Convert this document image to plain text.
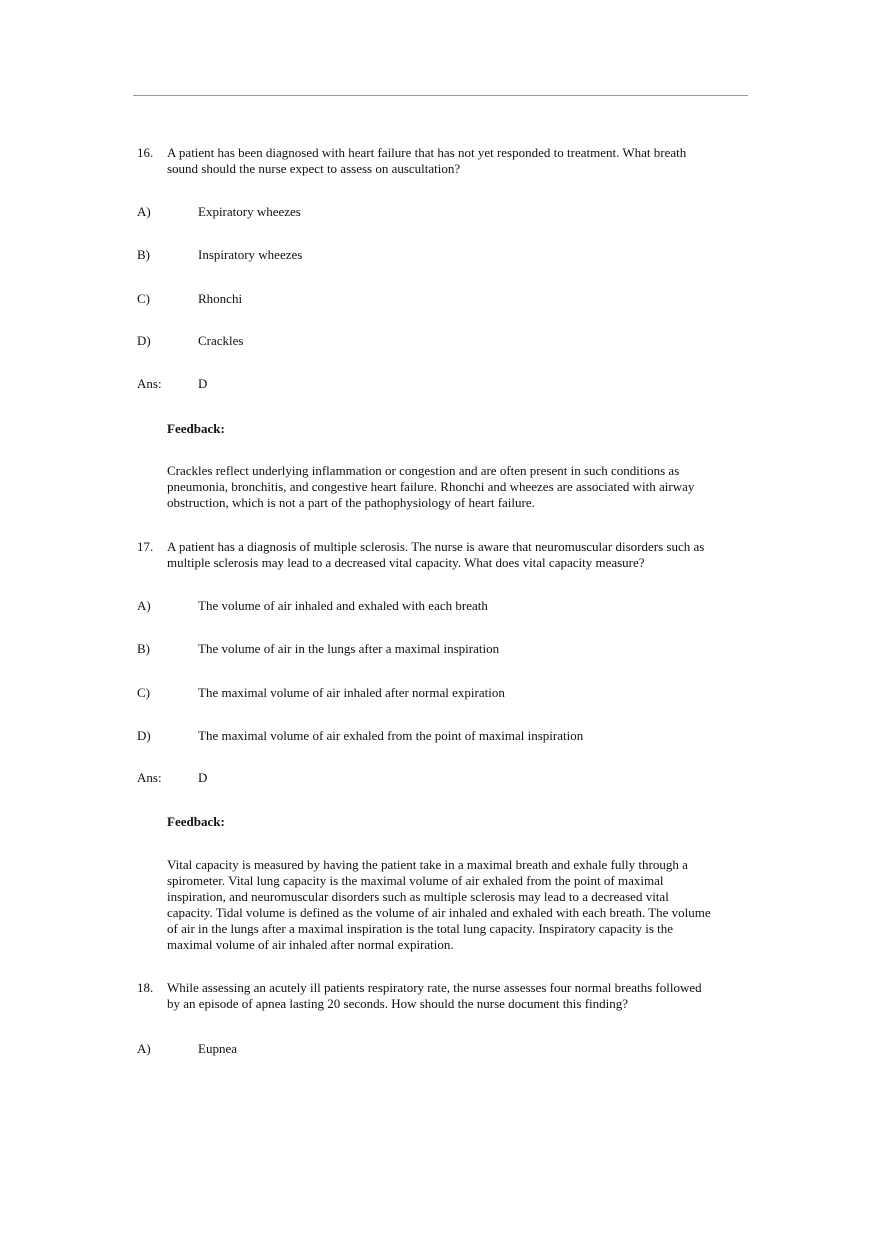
16. A patient has been diagnosed with heart failure that has not yet responded to treatment. What breath
sound should the nurse expect to assess on auscultation?
A)	Expiratory wheezes
B)	Inspiratory wheezes
C)	Rhonchi
D)	Crackles
Ans:	D
Feedback:
Crackles reflect underlying inflammation or congestion and are often present in such conditions as
pneumonia, bronchitis, and congestive heart failure. Rhonchi and wheezes are associated with airway
obstruction, which is not a part of the pathophysiology of heart failure.
17. A patient has a diagnosis of multiple sclerosis. The nurse is aware that neuromuscular disorders such as
multiple sclerosis may lead to a decreased vital capacity. What does vital capacity measure?
A)	The volume of air inhaled and exhaled with each breath
B)	The volume of air in the lungs after a maximal inspiration
C)	The maximal volume of air inhaled after normal expiration
D)	The maximal volume of air exhaled from the point of maximal inspiration
Ans:	D
Feedback:
Vital capacity is measured by having the patient take in a maximal breath and exhale fully through a
spirometer. Vital lung capacity is the maximal volume of air exhaled from the point of maximal
inspiration, and neuromuscular disorders such as multiple sclerosis may lead to a decreased vital
capacity. Tidal volume is defined as the volume of air inhaled and exhaled with each breath. The volume
of air in the lungs after a maximal inspiration is the total lung capacity. Inspiratory capacity is the
maximal volume of air inhaled after normal expiration.
18. While assessing an acutely ill patients respiratory rate, the nurse assesses four normal breaths followed
by an episode of apnea lasting 20 seconds. How should the nurse document this finding?
A)	Eupnea
